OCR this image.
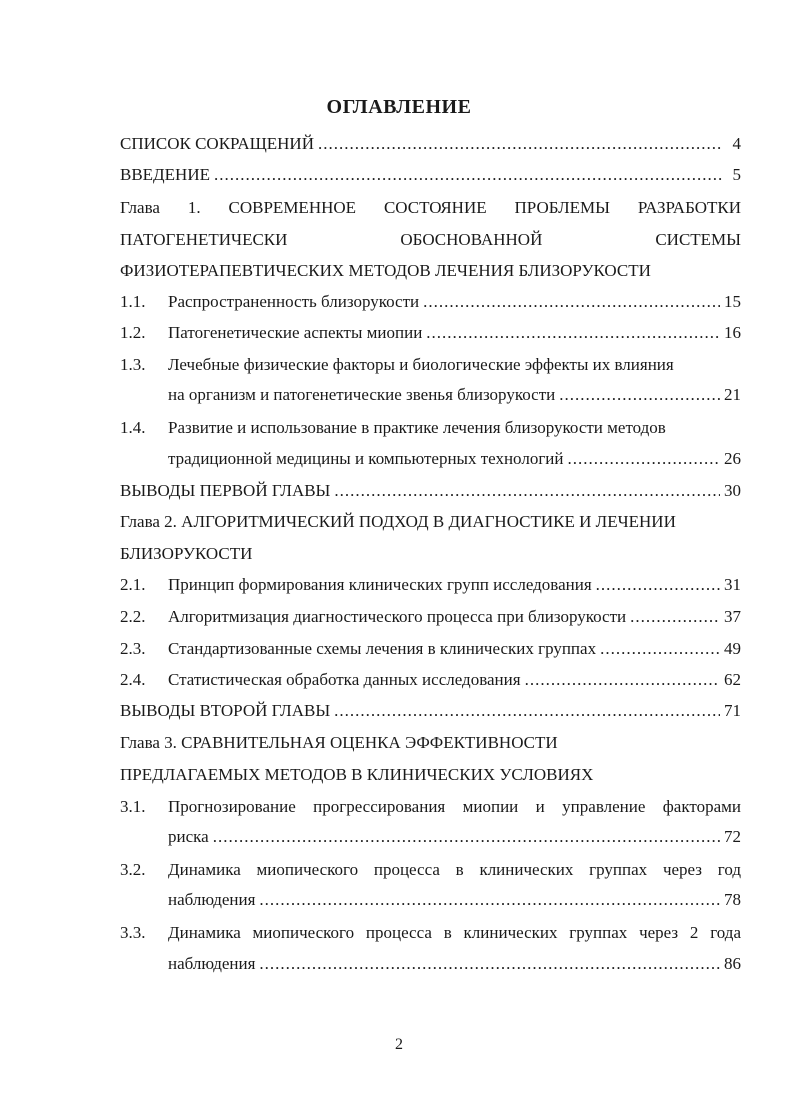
ОГЛАВЛЕНИЕ
СПИСОК СОКРАЩЕНИЙ .....	4
ВВЕДЕНИЕ .....	5
Глава 1. СОВРЕМЕННОЕ СОСТОЯНИЕ ПРОБЛЕМЫ РАЗРАБОТКИ
ПАТОГЕНЕТИЧЕСКИ ОБОСНОВАННОЙ СИСТЕМЫ
ФИЗИОТЕРАПЕВТИЧЕСКИХ МЕТОДОВ ЛЕЧЕНИЯ БЛИЗОРУКОСТИ
1.1.	Распространенность близорукости .....	15
1.2.	Патогенетические аспекты миопии .....	16
1.3.	Лечебные физические факторы и биологические эффекты их влияния
на организм и патогенетические звенья близорукости .....	21
1.4.	Развитие и использование в практике лечения близорукости методов
традиционной медицины и компьютерных технологий .....	26
ВЫВОДЫ ПЕРВОЙ ГЛАВЫ .....	30
Глава 2. АЛГОРИТМИЧЕСКИЙ ПОДХОД В ДИАГНОСТИКЕ И ЛЕЧЕНИИ
БЛИЗОРУКОСТИ
2.1.	Принцип формирования клинических групп исследования .....	31
2.2.	Алгоритмизация диагностического процесса при близорукости .....	37
2.3.	Стандартизованные схемы лечения в клинических группах .....	49
2.4.	Статистическая обработка данных исследования .....	62
ВЫВОДЫ ВТОРОЙ ГЛАВЫ .....	71
Глава 3. СРАВНИТЕЛЬНАЯ ОЦЕНКА ЭФФЕКТИВНОСТИ
ПРЕДЛАГАЕМЫХ МЕТОДОВ В КЛИНИЧЕСКИХ УСЛОВИЯХ
3.1.	Прогнозирование прогрессирования миопии и управление факторами
риска .....	72
3.2.	Динамика миопического процесса в клинических группах через год
наблюдения .....	78
3.3.	Динамика миопического процесса в клинических группах через 2 года
наблюдения .....	86
2
